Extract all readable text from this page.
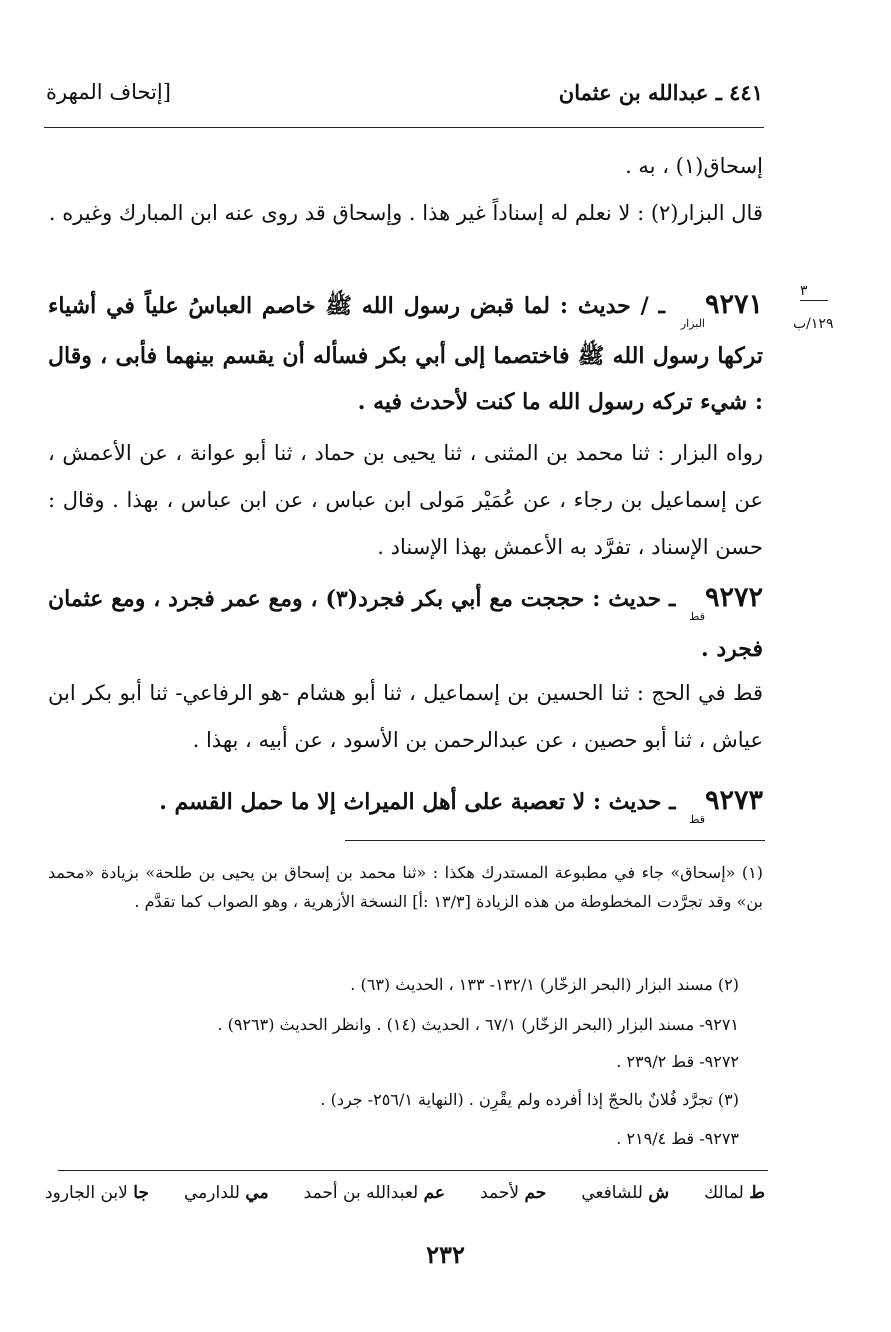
٤٤١ ـ عبدالله بن عثمان
[إتحاف المهرة
٣
١٢٩/ب
إسحاق(١) ، به .
قال البزار(٢) : لا نعلم له إسناداً غير هذا . وإسحاق قد روى عنه ابن المبارك وغيره .
$٩٢٧١_{البزار}$ ـ / حديث : لما قبض رسول الله ﷺ خاصم العباسُ علياً في أشياء تركها رسول الله ﷺ فاختصما إلى أبي بكر فسأله أن يقسم بينهما فأبى ، وقال : شيء تركه رسول الله ما كنت لأحدث فيه .
رواه البزار : ثنا محمد بن المثنى ، ثنا يحيى بن حماد ، ثنا أبو عوانة ، عن الأعمش ، عن إسماعيل بن رجاء ، عن عُمَيْر مَولى ابن عباس ، عن ابن عباس ، بهذا . وقال : حسن الإسناد ، تفرَّد به الأعمش بهذا الإسناد .
$٩٢٧٢_{قط}$ ـ حديث : حججت مع أبي بكر فجرد(٣) ، ومع عمر فجرد ، ومع عثمان فجرد .
قط في الحج : ثنا الحسين بن إسماعيل ، ثنا أبو هشام -هو الرفاعي- ثنا أبو بكر ابن عياش ، ثنا أبو حصين ، عن عبدالرحمن بن الأسود ، عن أبيه ، بهذا .
$٩٢٧٣_{قط}$ ـ حديث : لا تعصبة على أهل الميراث إلا ما حمل القسم .
(١) «إسحاق» جاء في مطبوعة المستدرك هكذا : «ثنا محمد بن إسحاق بن يحيى بن طلحة» بزيادة «محمد بن» وقد تجرَّدت المخطوطة من هذه الزيادة [١٣/٣ :أ] النسخة الأزهرية ، وهو الصواب كما تقدَّم .
(٢) مسند البزار (البحر الزخّار) ١٣٢/١- ١٣٣ ، الحديث (٦٣) .
٩٢٧١- مسند البزار (البحر الزخّار) ٦٧/١ ، الحديث (١٤) . وانظر الحديث (٩٢٦٣) .
٩٢٧٢- قط ٢٣٩/٢ .
(٣) تجرَّد فُلانٌ بالحجّ إذا أفرده ولم يقْرِن . (النهاية ٢٥٦/١- جرد) .
٩٢٧٣- قط ٢١٩/٤ .
ط لمالك
ش للشافعي
حم لأحمد
عم لعبدالله بن أحمد
مي للدارمي
جا لابن الجارود
٢٣٢
